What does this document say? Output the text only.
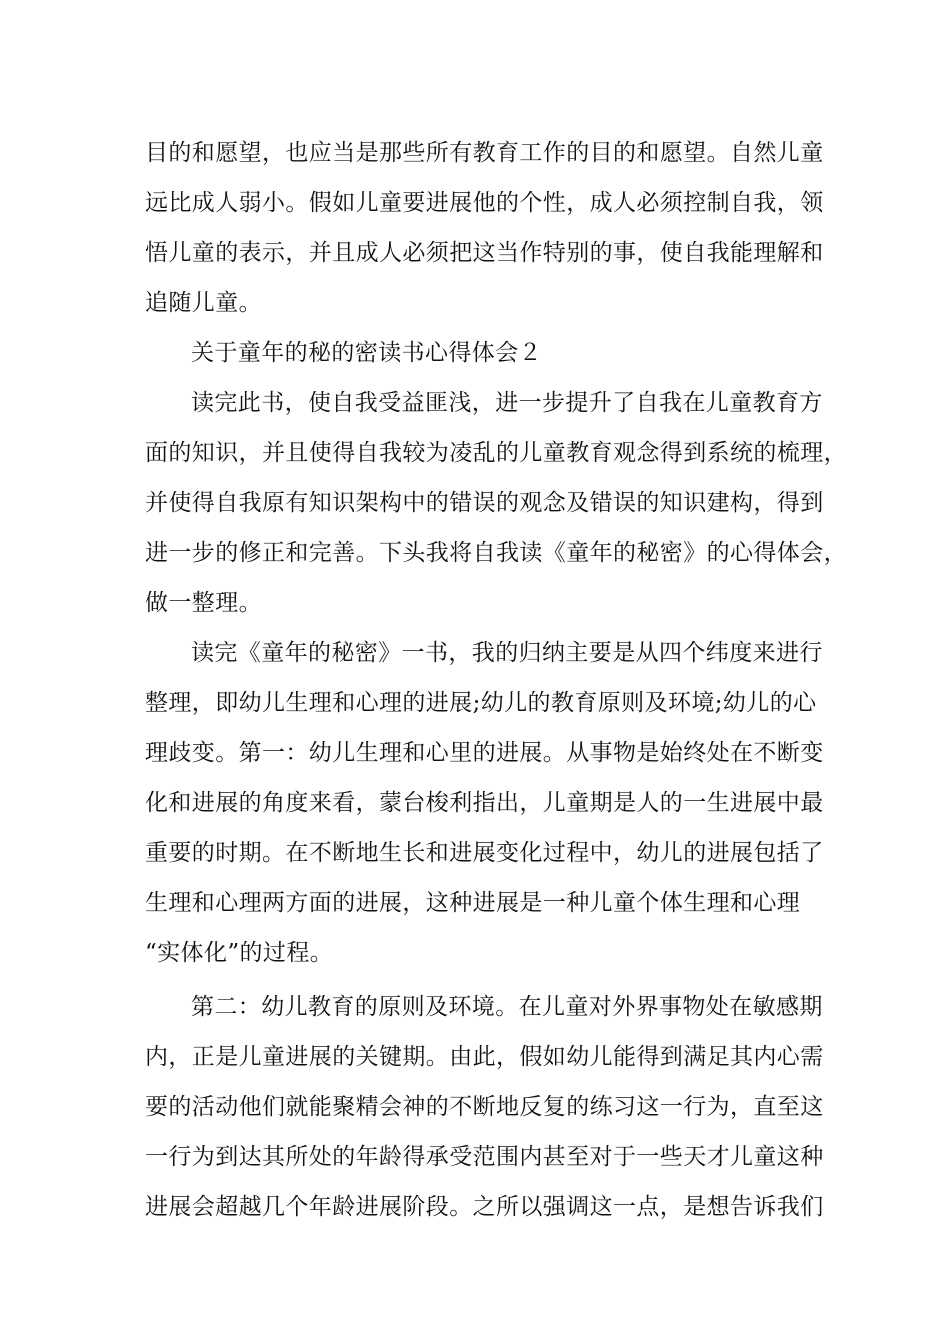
目的和愿望，也应当是那些所有教育工作的目的和愿望。自然儿童
远比成人弱小。假如儿童要进展他的个性，成人必须控制自我，领
悟儿童的表示，并且成人必须把这当作特别的事，使自我能理解和
追随儿童。
关于童年的秘的密读书心得体会２
读完此书，使自我受益匪浅，进一步提升了自我在儿童教育方
面的知识，并且使得自我较为凌乱的儿童教育观念得到系统的梳理，
并使得自我原有知识架构中的错误的观念及错误的知识建构，得到
进一步的修正和完善。下头我将自我读《童年的秘密》的心得体会，
做一整理。
读完《童年的秘密》一书，我的归纳主要是从四个纬度来进行
整理，即幼儿生理和心理的进展;幼儿的教育原则及环境;幼儿的心
理歧变。第一：幼儿生理和心里的进展。从事物是始终处在不断变
化和进展的角度来看，蒙台梭利指出，儿童期是人的一生进展中最
重要的时期。在不断地生长和进展变化过程中，幼儿的进展包括了
生理和心理两方面的进展，这种进展是一种儿童个体生理和心理
“实体化”的过程。
第二：幼儿教育的原则及环境。在儿童对外界事物处在敏感期
内，正是儿童进展的关键期。由此，假如幼儿能得到满足其内心需
要的活动他们就能聚精会神的不断地反复的练习这一行为，直至这
一行为到达其所处的年龄得承受范围内甚至对于一些天才儿童这种
进展会超越几个年龄进展阶段。之所以强调这一点，是想告诉我们
